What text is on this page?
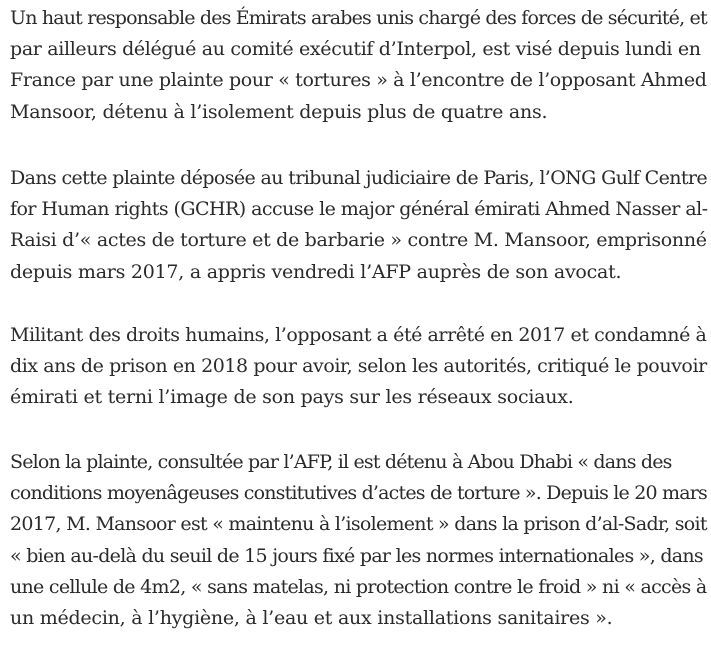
Un haut responsable des Émirats arabes unis chargé des forces de sécurité, et
par ailleurs délégué au comité exécutif d’Interpol, est visé depuis lundi en
France par une plainte pour « tortures » à l’encontre de l’opposant Ahmed
Mansoor, détenu à l’isolement depuis plus de quatre ans.

Dans cette plainte déposée au tribunal judiciaire de Paris, l’ONG Gulf Centre
for Human rights (GCHR) accuse le major général émirati Ahmed Nasser al-
Raisi d’« actes de torture et de barbarie » contre M. Mansoor, emprisonné
depuis mars 2017, a appris vendredi l’AFP auprès de son avocat.

Militant des droits humains, l’opposant a été arrêté en 2017 et condamné à
dix ans de prison en 2018 pour avoir, selon les autorités, critiqué le pouvoir
émirati et terni l’image de son pays sur les réseaux sociaux.

Selon la plainte, consultée par l’AFP, il est détenu à Abou Dhabi « dans des
conditions moyenâgeuses constitutives d’actes de torture ». Depuis le 20 mars
2017, M. Mansoor est « maintenu à l’isolement » dans la prison d’al-Sadr, soit
« bien au-delà du seuil de 15 jours fixé par les normes internationales », dans
une cellule de 4m2, « sans matelas, ni protection contre le froid » ni « accès à
un médecin, à l’hygiène, à l’eau et aux installations sanitaires ».
